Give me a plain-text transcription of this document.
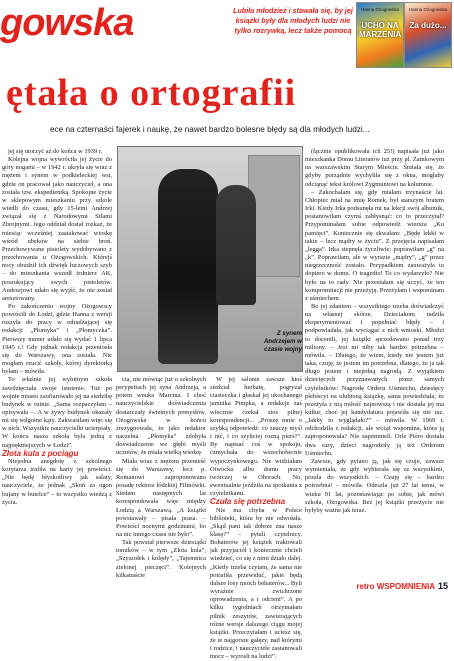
gowska	Lubiła młodzież i stawała się, by jej książki były dla młodych ludzi nie tylko rozrywką, lecz także pomocą
Hanna Ożogowska
UCHO NA MARZENIA
Hanna Ożogowska
Za dużo...
ętała o ortografii
ece na czternaści fajerek i naukę, że nawet bardzo bolesne błędy są dla młodych ludzi...

jej się utorzyć aż do końca w 1939 r.

Kolejna wojna wywróciła jej życie do góry nogami – w 1942 r. ukryła się wraz z mężem i synem w podkieleckiej wsi, gdzie on pracował jako nauczyciel, a ona została tzw. ekspedientką. Spokojne życie w sklepowym mieszkaniu przy szkole wiedli do czasu, gdy 15-letni Andrzej związał się z Narodowymi Siłami Zbrojnymi. Jego oddział dostał rozkaz, że miesiąc wcześniej zaatakować wioskę wśród ubeków na siebie broń. Przechowywane pistolety wydobywano z przechowania u Ożogowskich. Którejś nocy obudził ich dźwięk łuczowych szyb – do mieszkania wszedł żołnierz AK, poszukujący swych pistoletów. Andrzejowi udało się wyjść, że nie został aresztowany.

Po zakończeniu wojny Ożogowscy powrócili do Łodzi, gdzie Hanna z wersji ruszyła do pracy w odradzającej się redakcji „Płomyka” i „Płomyczka”. Pierwszy numer udało się wydać 1 lipca 1945 r.! Gdy jednak redakcja przeniosła się do Warszawy, ona została. Nie mogłam rzucić szkoły, której dyrektorką byłam – mówiła.

To właśnie jej wybitnym szkoła zawdzięczała swoje istnienie. Tuż po wojnie miasto zaofiarowało jej na siedzibę budynek w ruinie. „Sama rozpaczyłam – opisywała –. A w żywy budynek okazały mi się wilgotne kąty. Zakwasiłam więc się w nich. Wszystkie nauczycielki ucierpiały. W końcu nasza szkoła była jedną z najpiękniejszych w Łodzi”.

Złota kula z pociągu

Niejedna anegdotę z szkolnego korytarza trafiła na karty jej powieści. „Nie będę błyskotliwy jak sałaty, nauczyciele, że jednak „Skoń za ogon bujany w butelce” – to wszystko wiedzą z życia.

Z synem Andrzejem w czasie wojny

cia, nie mówiąc już o szkolnych perypetiach jej syna Andrzeja, a potem wnuka Marcina. I choć nauczycielskie doświadczenia dostarczały świetnych pomysłów, Ożogowska w końcu zrezygnowała, że jako redaktor naczelna „Płomyka” zdobyła doświadczenie we głębi myśli uczniów, że miała wielką wiedzę.

Miała wraz z mężem przenieść się do Warszawy, lecz p. Romanowi zaproponowano posadę rektora łódzkiej Filmówki. Siedem następnych lat korespondowała więc między Łodzią a Warszawą. „A książki powstawały – pisała prasa. – Powieści nocnymi godzinami, bo na nic innego czasu nie było”.

Tak powstał pierwsze dziesiątki tomików – w tym „Złota kula”, „Szyszołek i kolędy”, „Tajemnica zielonej pieczęci”. Kolejnych kilkanaście

W jej salonie zawsze ktoś siedział herbatę, pogryzał ciasteczka i głaskał jej ukochanego jamnika Pimpka, a redakcje zaś wiecznie czekał stos pilnej korespondencji... „Proszę mnie o szybką odpowiedź: co znaczy myśl i nić, i co szybciej rozną pierś?”. By napisać coś w spokoju, czmychała do wszechobecnie wypoczynkowego. Nie widziałam Otwocku albo domu pracy twórczej w Oborach. No, ewentualnie jeździła na spotkania z czytelnikami.

Czuła się potrzebna

Nie ma chyba w Polsce biblioteki, która by nie odwołała. „Skąd pani tak dobrze zna nasze klasę?” – pytali czytelnicy. Bohaterów jej książek traktowali jak przyjaciół i koniecznie chcieli wiedzieć, co się z nimi działo dalej. „Kiedy trzeba czytam, że sama nie potrafiła przewiduć, jakie będą dalsze losy moich bohaterów... Byli wyraźnie zwichrzone oprowadzenia, a i odcieni”. A po kilku tygodniach otrzymałam pilnik zeszytów, zawierających różne wersje dalszego ciągu mojej książki. Przeczytałam i uciesz się, że te najgorsze gałęzy, nad którymi i rodzice, i nauczyciele zastanowali mocz – wyrosli na ludzi”.

(łącznie opublikowała ich 25!) napisała już jako mieszkanka Domu Literatów tuż przy pl. Zamkowym na warszawskim Starym Mieście. Śmiała się, że gdyby porządnie wychyliła się z okna, mogłaby odciąnąć tekst królowi Zygmuntowi na kolumnie.

– Zakochałam się, gdy miałam trzynaście lat. Chłopiec miał na imię Romek, był starszym bratem Irki. Kiedy Irka podsunęła mi na lekcji swój albumik, postanowiłam czymś zabłysnąć: co to przeczytał? Przypominałam sobie odpowiedź wiersza „Ku pamięci”. Koniecznie się skwałam: „Będę lekki w takie – lecz mądry w życiu”. Z przejęcia napisałam „legga”. Irka stepnęła życzliwie: poprawiłam „g” na „k”. Poprawiłam, ale w wyrazie „mądry”, „g” przez niegrzeczność zostało. Przypadkiem zauważyła to dopiero w domu. O tragedio! To co wydarzyło? Nie było na to rady. Nie przestałam się uczyć, że ten kompromitacji nie przeżyję. Przeżyłam i wspominam z uśmiechem.

Bo jej zdaniem – wszystkiego trzeba doświadczyć na własnej skórze. Dzieciakom radziła eksperymentować i popełniać błędy – i podpowiadała, jak wyciągać z nich wnioski. Młodzi to docenili, jej książki sprzedawano ponad trzy miliony. – Jest mi niby tak bardzo potrzebna – mówiła. – Dlatego, że wiem, kiedy nie jestem już taka, czuję, że jestem im potrzebna, dlatego, że ja tak długo jestem i niejedną nagrodą. Z wyjątkiem dziecięcych przyznawanych przez samych czytelników: Nagrodę Orderu Uśmiechu, dziesięcy plebiscyt na ulubioną książkę, sama powiedziała, że przeżyła z nią miłość najnowszą i nie dostała jej ma kultur, choć jej kandydatura pojawiła się nie raz. „Jakby to wyglądało?” – mówiła. W 1969 r. odchodziła z redakcji, ale wciąż wspomina, która ją zaproponowała? Nie zapomnieli. Orle Pióro dostała dwa razy, dzieci nagrodziły ją też Orderem Uśmiechu.

Zawsze, gdy pytano ją, jak się czuje, zawsze wymieniała, że gdy wybierała się ze wszystkimi, poszła do wszystkich. – Czuję się – bardzo potrzebna! – mówiła. Odeszła już 27 lat temu, w wieku 91 lat, pozostawiając po sobie, jak mówi szkoła, Ożogowska. Bez jej książki przeżycie nie byłyby ważne jak teraz.

retro WSPOMNIENIA 15
